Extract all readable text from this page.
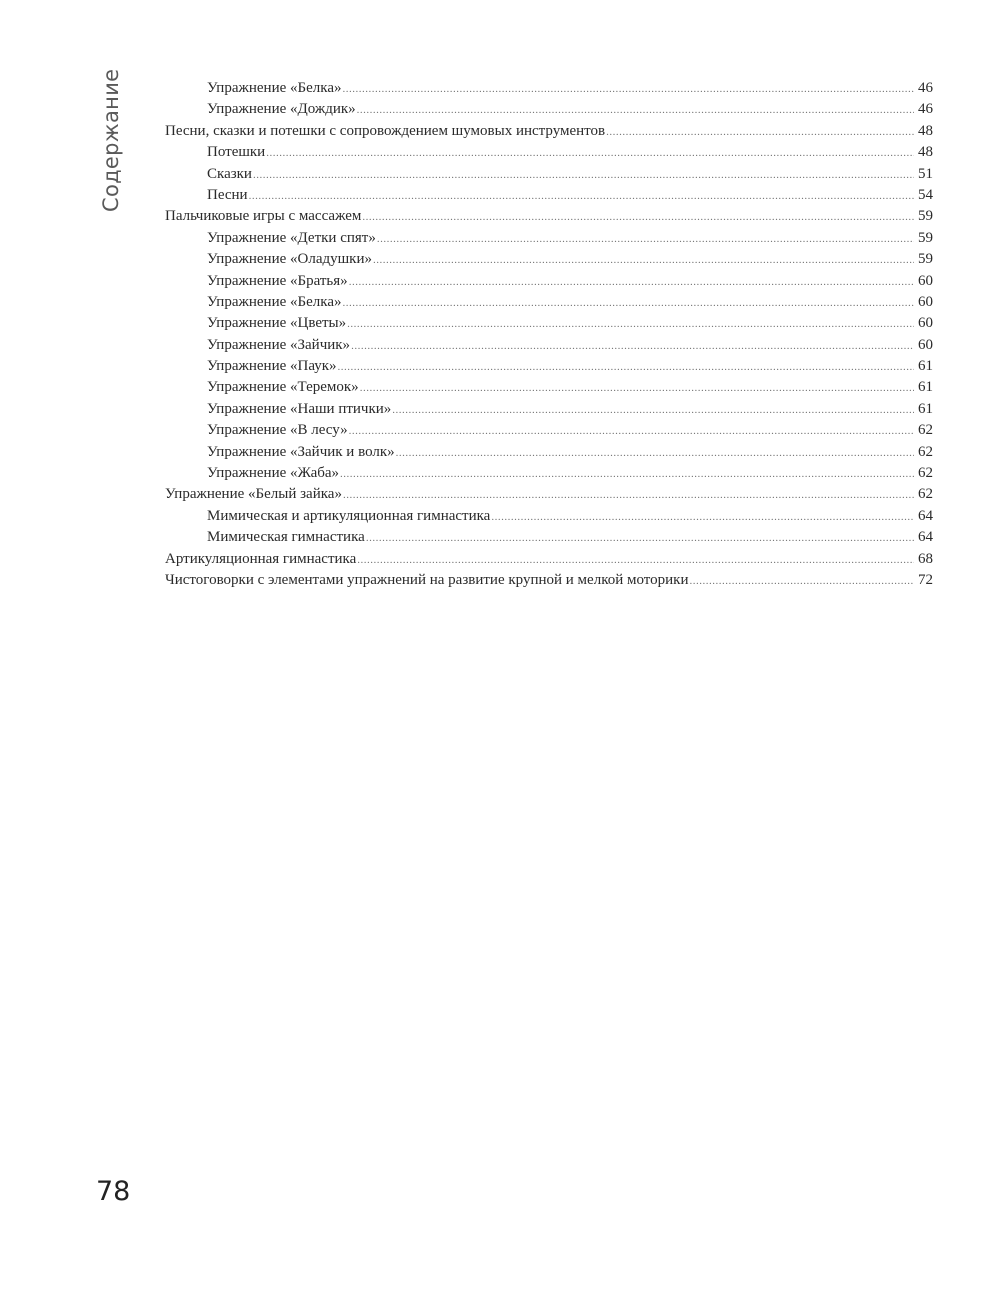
Содержание	Упражнение «Белка» .....	46
Упражнение «Дождик» .....	46
Песни, сказки и потешки с сопровождением шумовых инструментов .....	48
Потешки .....	48
Сказки .....	51
Песни .....	54
Пальчиковые игры с массажем .....	59
Упражнение «Детки спят» .....	59
Упражнение «Оладушки» .....	59
Упражнение «Братья» .....	60
Упражнение «Белка» .....	60
Упражнение «Цветы» .....	60
Упражнение «Зайчик» .....	60
Упражнение «Паук» .....	61
Упражнение «Теремок» .....	61
Упражнение «Наши птички» .....	61
Упражнение «В лесу» .....	62
Упражнение «Зайчик и волк» .....	62
Упражнение «Жаба» .....	62
Упражнение «Белый зайка» .....	62
Мимическая и артикуляционная гимнастика .....	64
Мимическая гимнастика .....	64
Артикуляционная гимнастика .....	68
Чистоговорки с элементами упражнений на развитие крупной и мелкой моторики .....	72
78
